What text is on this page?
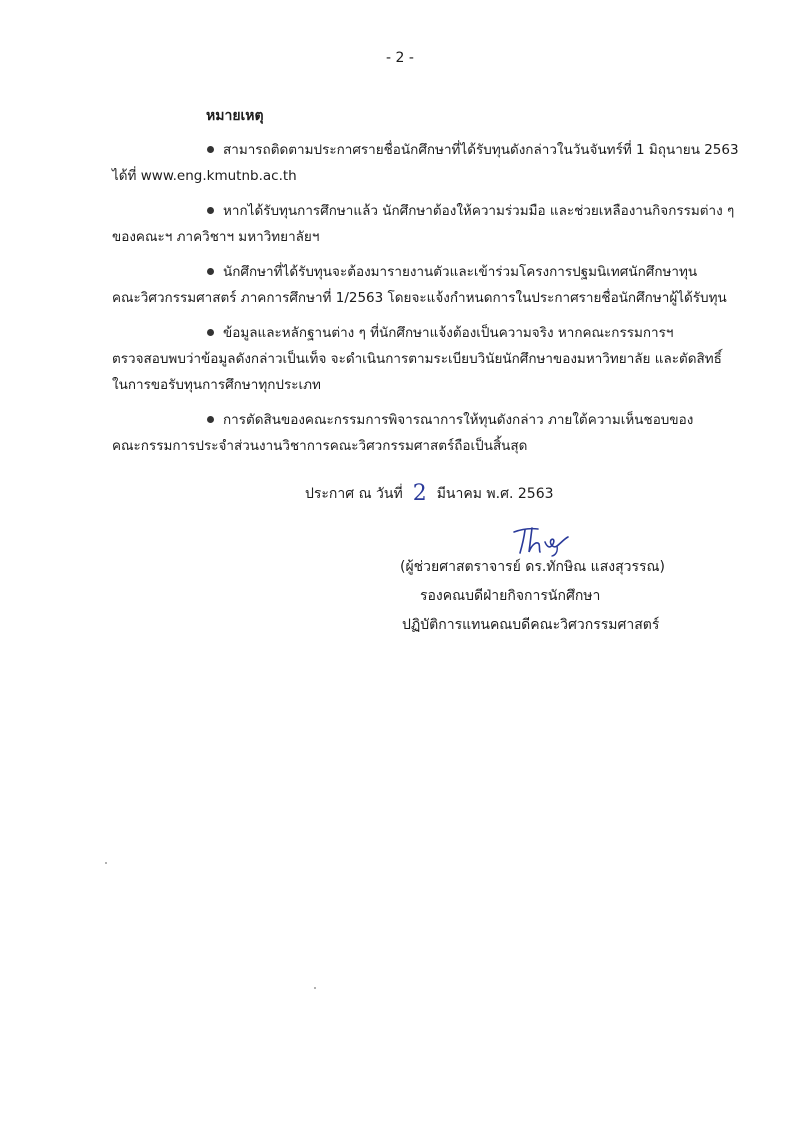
- 2 -
หมายเหตุ
สามารถติดตามประกาศรายชื่อนักศึกษาที่ได้รับทุนดังกล่าวในวันจันทร์ที่ 1 มิถุนายน 2563
ได้ที่ www.eng.kmutnb.ac.th
หากได้รับทุนการศึกษาแล้ว นักศึกษาต้องให้ความร่วมมือ และช่วยเหลืองานกิจกรรมต่าง ๆ
ของคณะฯ ภาควิชาฯ มหาวิทยาลัยฯ
นักศึกษาที่ได้รับทุนจะต้องมารายงานตัวและเข้าร่วมโครงการปฐมนิเทศนักศึกษาทุน
คณะวิศวกรรมศาสตร์ ภาคการศึกษาที่ 1/2563 โดยจะแจ้งกำหนดการในประกาศรายชื่อนักศึกษาผู้ได้รับทุน
ข้อมูลและหลักฐานต่าง ๆ ที่นักศึกษาแจ้งต้องเป็นความจริง หากคณะกรรมการฯ
ตรวจสอบพบว่าข้อมูลดังกล่าวเป็นเท็จ จะดำเนินการตามระเบียบวินัยนักศึกษาของมหาวิทยาลัย และตัดสิทธิ์
ในการขอรับทุนการศึกษาทุกประเภท
การตัดสินของคณะกรรมการพิจารณาการให้ทุนดังกล่าว ภายใต้ความเห็นชอบของ
คณะกรรมการประจำส่วนงานวิชาการคณะวิศวกรรมศาสตร์ถือเป็นสิ้นสุด
ประกาศ ณ วันที่ 2 มีนาคม พ.ศ. 2563
(ผู้ช่วยศาสตราจารย์ ดร.ทักษิณ แสงสุวรรณ)
รองคณบดีฝ่ายกิจการนักศึกษา
ปฏิบัติการแทนคณบดีคณะวิศวกรรมศาสตร์
